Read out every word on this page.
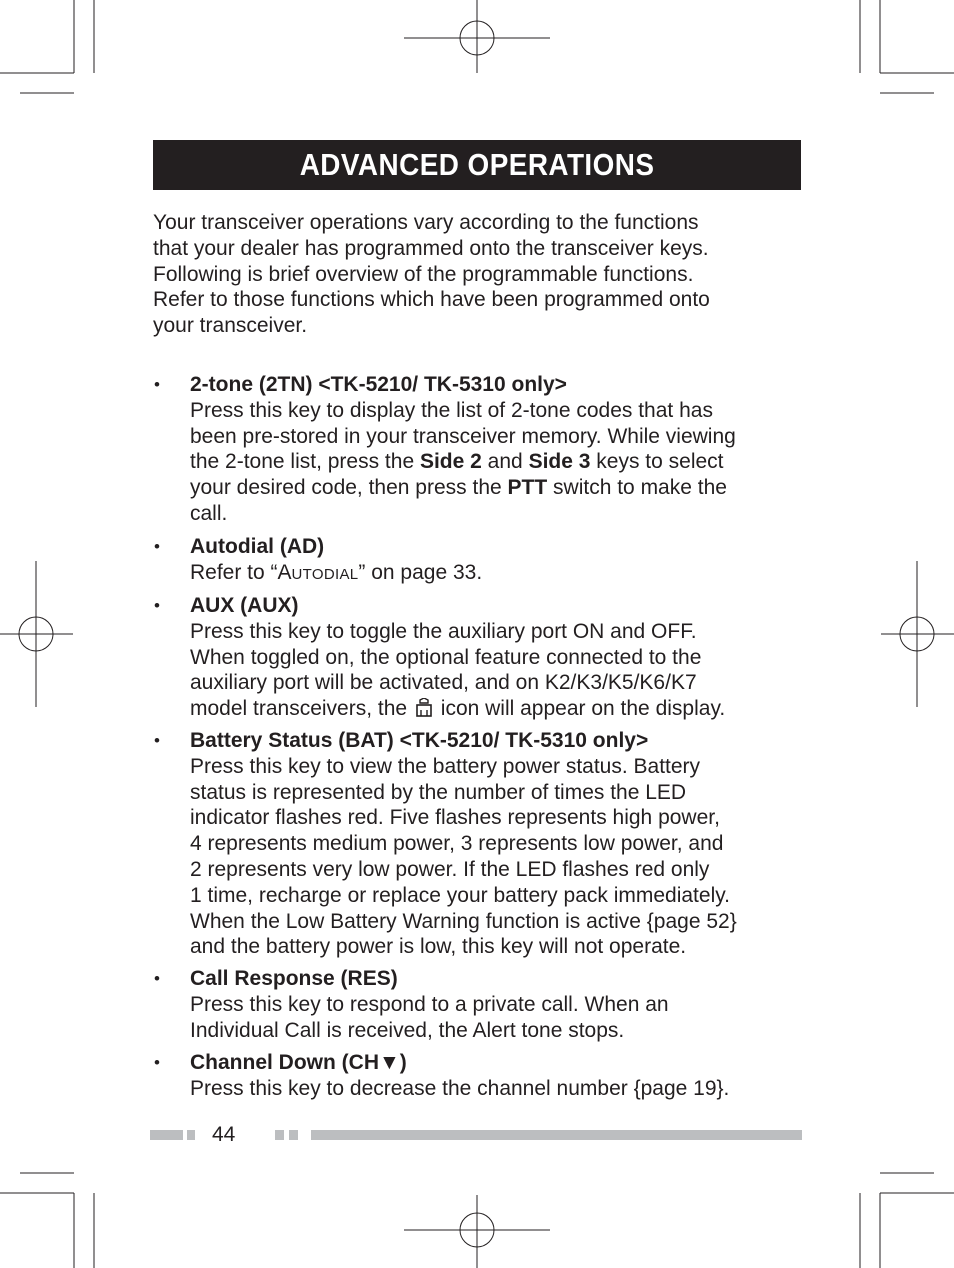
ADVANCED OPERATIONS
Your transceiver operations vary according to the functions
that your dealer has programmed onto the transceiver keys.
Following is brief overview of the programmable functions.
Refer to those functions which have been programmed onto
your transceiver.
• 2-tone (2TN) <TK-5210/ TK-5310 only>
Press this key to display the list of 2-tone codes that has
been pre-stored in your transceiver memory. While viewing
the 2-tone list, press the Side 2 and Side 3 keys to select
your desired code, then press the PTT switch to make the
call.
• Autodial (AD)
Refer to “AUTODIAL” on page 33.
• AUX (AUX)
Press this key to toggle the auxiliary port ON and OFF.
When toggled on, the optional feature connected to the
auxiliary port will be activated, and on K2/K3/K5/K6/K7
model transceivers, the  icon will appear on the display.
• Battery Status (BAT) <TK-5210/ TK-5310 only>
Press this key to view the battery power status. Battery
status is represented by the number of times the LED
indicator flashes red. Five flashes represents high power,
4 represents medium power, 3 represents low power, and
2 represents very low power. If the LED flashes red only
1 time, recharge or replace your battery pack immediately.
When the Low Battery Warning function is active {page 52}
and the battery power is low, this key will not operate.
• Call Response (RES)
Press this key to respond to a private call. When an
Individual Call is received, the Alert tone stops.
• Channel Down (CH▼)
Press this key to decrease the channel number {page 19}.
44
